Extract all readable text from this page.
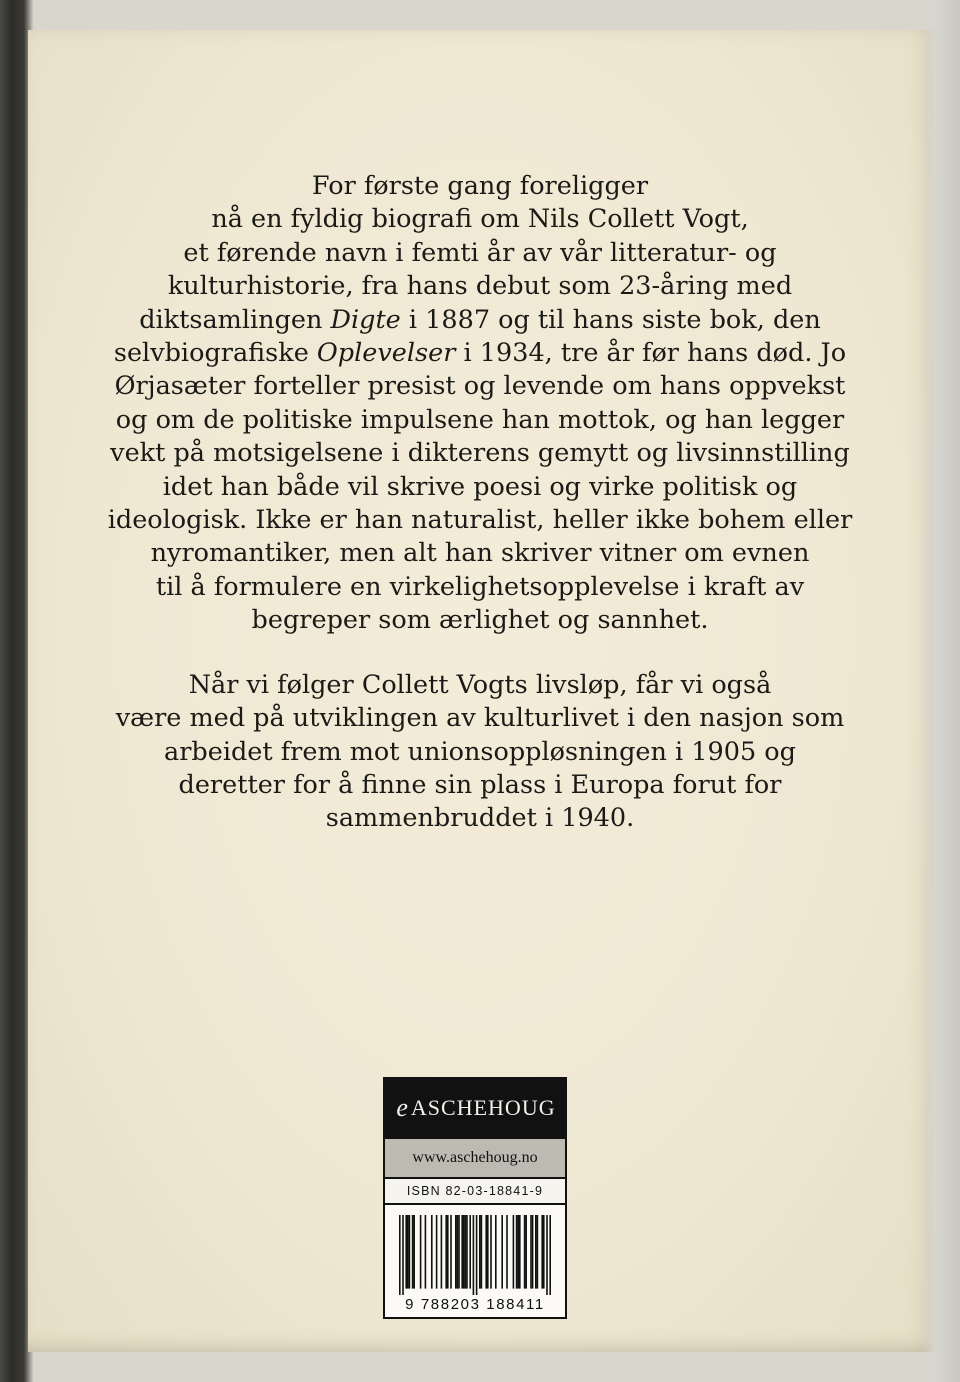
For første gang foreligger
nå en fyldig biografi om Nils Collett Vogt,
et førende navn i femti år av vår litteratur- og
kulturhistorie, fra hans debut som 23-åring med
diktsamlingen Digte i 1887 og til hans siste bok, den
selvbiografiske Oplevelser i 1934, tre år før hans død. Jo
Ørjasæter forteller presist og levende om hans oppvekst
og om de politiske impulsene han mottok, og han legger
vekt på motsigelsene i dikterens gemytt og livsinnstilling
idet han både vil skrive poesi og virke politisk og
ideologisk. Ikke er han naturalist, heller ikke bohem eller
nyromantiker, men alt han skriver vitner om evnen
til å formulere en virkelighetsopplevelse i kraft av
begreper som ærlighet og sannhet.

Når vi følger Collett Vogts livsløp, får vi også
være med på utviklingen av kulturlivet i den nasjon som
arbeidet frem mot unionsoppløsningen i 1905 og
deretter for å finne sin plass i Europa forut for
sammenbruddet i 1940.

e ASCHEHOUG
www.aschehoug.no
ISBN 82-03-18841-9
9 788203 188411
